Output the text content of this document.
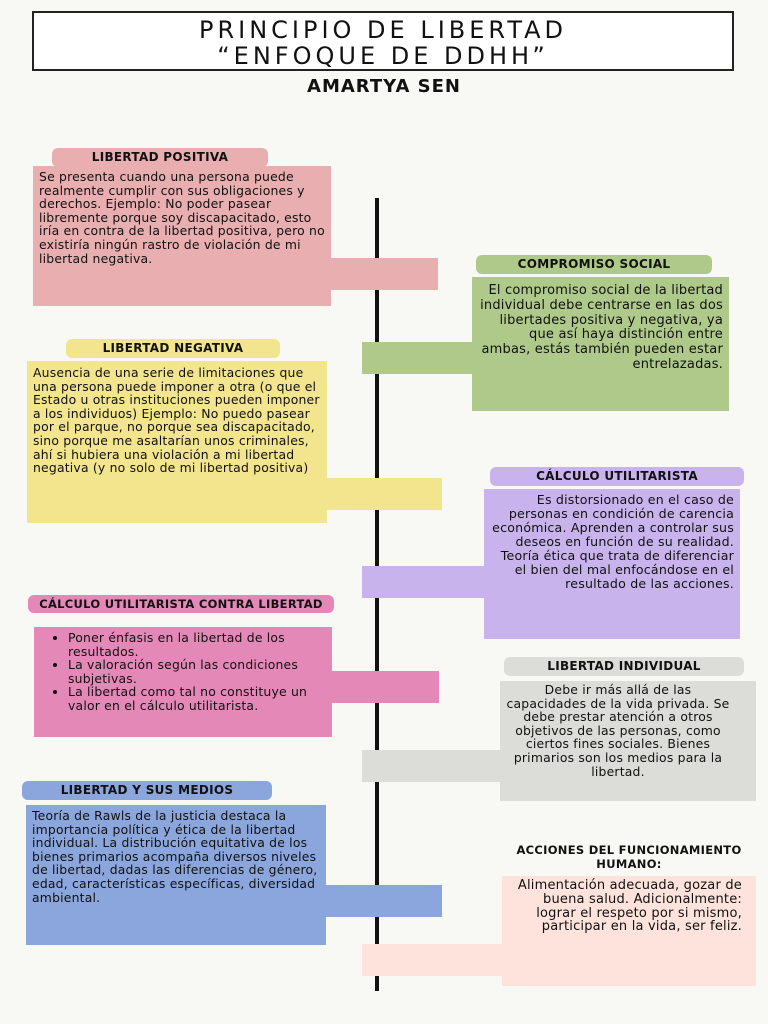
PRINCIPIO DE LIBERTAD
“ENFOQUE DE DDHH”
AMARTYA SEN
LIBERTAD POSITIVA
Se presenta cuando una persona puede realmente cumplir con sus obligaciones y derechos. Ejemplo: No poder pasear libremente porque soy discapacitado, esto iría en contra de la libertad positiva, pero no existiría ningún rastro de violación de mi libertad negativa.	COMPROMISO SOCIAL
El compromiso social de la libertad individual debe centrarse en las dos libertades positiva y negativa, ya que así haya distinción entre ambas, estás también pueden estar entrelazadas.
LIBERTAD NEGATIVA
Ausencia de una serie de limitaciones que una persona puede imponer a otra (o que el Estado u otras instituciones pueden imponer a los individuos) Ejemplo: No puedo pasear por el parque, no porque sea discapacitado, sino porque me asaltarían unos criminales, ahí si hubiera una violación a mi libertad negativa (y no solo de mi libertad positiva)
CÁLCULO UTILITARISTA
Es distorsionado en el caso de personas en condición de carencia económica. Aprenden a controlar sus deseos en función de su realidad. Teoría ética que trata de diferenciar el bien del mal enfocándose en el resultado de las acciones.
CÁLCULO UTILITARISTA CONTRA LIBERTAD
• Poner énfasis en la libertad de los resultados.
• La valoración según las condiciones subjetivas.
• La libertad como tal no constituye un valor en el cálculo utilitarista.
LIBERTAD INDIVIDUAL
Debe ir más allá de las capacidades de la vida privada. Se debe prestar atención a otros objetivos de las personas, como ciertos fines sociales. Bienes primarios son los medios para la libertad.
LIBERTAD Y SUS MEDIOS
Teoría de Rawls de la justicia destaca la importancia política y ética de la libertad individual. La distribución equitativa de los bienes primarios acompaña diversos niveles de libertad, dadas las diferencias de género, edad, características específicas, diversidad ambiental.
ACCIONES DEL FUNCIONAMIENTO HUMANO:
Alimentación adecuada, gozar de buena salud. Adicionalmente: lograr el respeto por si mismo, participar en la vida, ser feliz.
